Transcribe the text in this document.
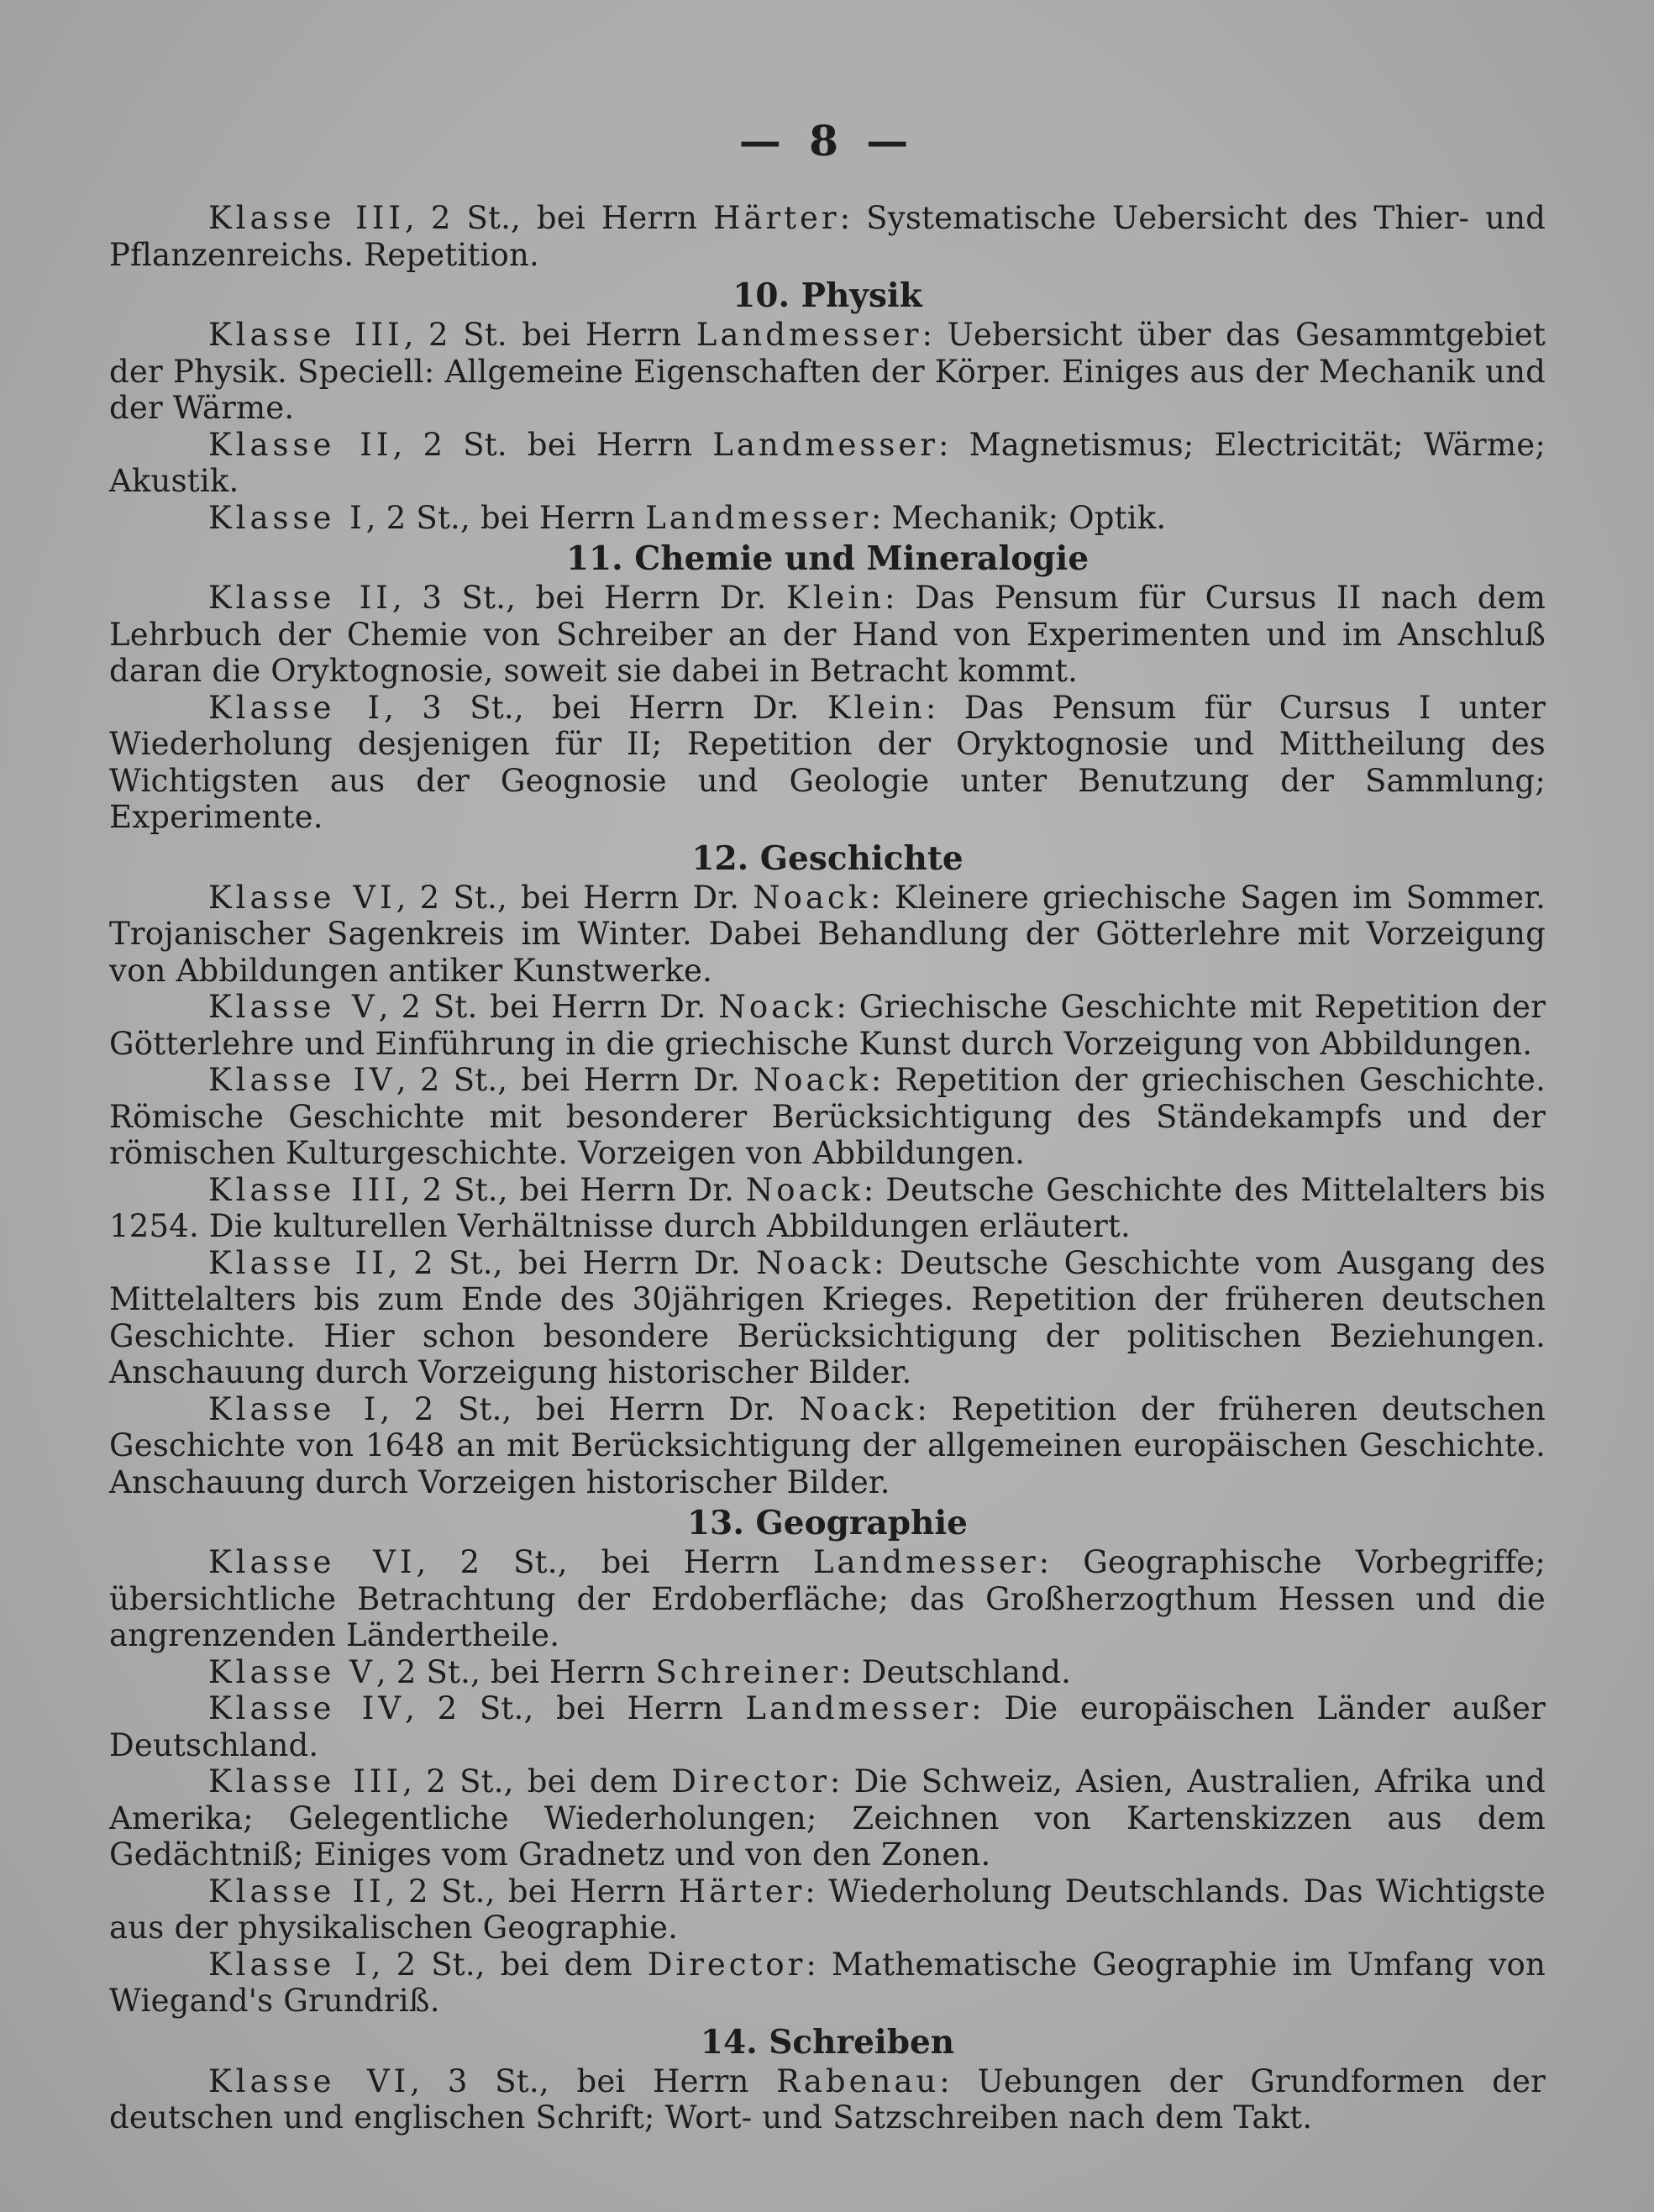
— 8 —

Klasse III, 2 St., bei Herrn Härter: Systematische Uebersicht des Thier- und Pflanzenreichs. Repetition.

10. Physik

Klasse III, 2 St. bei Herrn Landmesser: Uebersicht über das Gesammtgebiet der Physik. Speciell: Allgemeine Eigenschaften der Körper. Einiges aus der Mechanik und der Wärme.

Klasse II, 2 St. bei Herrn Landmesser: Magnetismus; Electricität; Wärme; Akustik.

Klasse I, 2 St., bei Herrn Landmesser: Mechanik; Optik.

11. Chemie und Mineralogie

Klasse II, 3 St., bei Herrn Dr. Klein: Das Pensum für Cursus II nach dem Lehrbuch der Chemie von Schreiber an der Hand von Experimenten und im Anschluß daran die Oryktognosie, soweit sie dabei in Betracht kommt.

Klasse I, 3 St., bei Herrn Dr. Klein: Das Pensum für Cursus I unter Wiederholung desjenigen für II; Repetition der Oryktognosie und Mittheilung des Wichtigsten aus der Geognosie und Geologie unter Benutzung der Sammlung; Experimente.

12. Geschichte

Klasse VI, 2 St., bei Herrn Dr. Noack: Kleinere griechische Sagen im Sommer. Trojanischer Sagenkreis im Winter. Dabei Behandlung der Götterlehre mit Vorzeigung von Abbildungen antiker Kunstwerke.

Klasse V, 2 St. bei Herrn Dr. Noack: Griechische Geschichte mit Repetition der Götterlehre und Einführung in die griechische Kunst durch Vorzeigung von Abbildungen.

Klasse IV, 2 St., bei Herrn Dr. Noack: Repetition der griechischen Geschichte. Römische Geschichte mit besonderer Berücksichtigung des Ständekampfs und der römischen Kulturgeschichte. Vorzeigen von Abbildungen.

Klasse III, 2 St., bei Herrn Dr. Noack: Deutsche Geschichte des Mittelalters bis 1254. Die kulturellen Verhältnisse durch Abbildungen erläutert.

Klasse II, 2 St., bei Herrn Dr. Noack: Deutsche Geschichte vom Ausgang des Mittelalters bis zum Ende des 30jährigen Krieges. Repetition der früheren deutschen Geschichte. Hier schon besondere Berücksichtigung der politischen Beziehungen. Anschauung durch Vorzeigung historischer Bilder.

Klasse I, 2 St., bei Herrn Dr. Noack: Repetition der früheren deutschen Geschichte von 1648 an mit Berücksichtigung der allgemeinen europäischen Geschichte. Anschauung durch Vorzeigen historischer Bilder.

13. Geographie

Klasse VI, 2 St., bei Herrn Landmesser: Geographische Vorbegriffe; übersichtliche Betrachtung der Erdoberfläche; das Großherzogthum Hessen und die angrenzenden Ländertheile.

Klasse V, 2 St., bei Herrn Schreiner: Deutschland.

Klasse IV, 2 St., bei Herrn Landmesser: Die europäischen Länder außer Deutschland.

Klasse III, 2 St., bei dem Director: Die Schweiz, Asien, Australien, Afrika und Amerika; Gelegentliche Wiederholungen; Zeichnen von Kartenskizzen aus dem Gedächtniß; Einiges vom Gradnetz und von den Zonen.

Klasse II, 2 St., bei Herrn Härter: Wiederholung Deutschlands. Das Wichtigste aus der physikalischen Geographie.

Klasse I, 2 St., bei dem Director: Mathematische Geographie im Umfang von Wiegand's Grundriß.

14. Schreiben

Klasse VI, 3 St., bei Herrn Rabenau: Uebungen der Grundformen der deutschen und englischen Schrift; Wort- und Satzschreiben nach dem Takt.
